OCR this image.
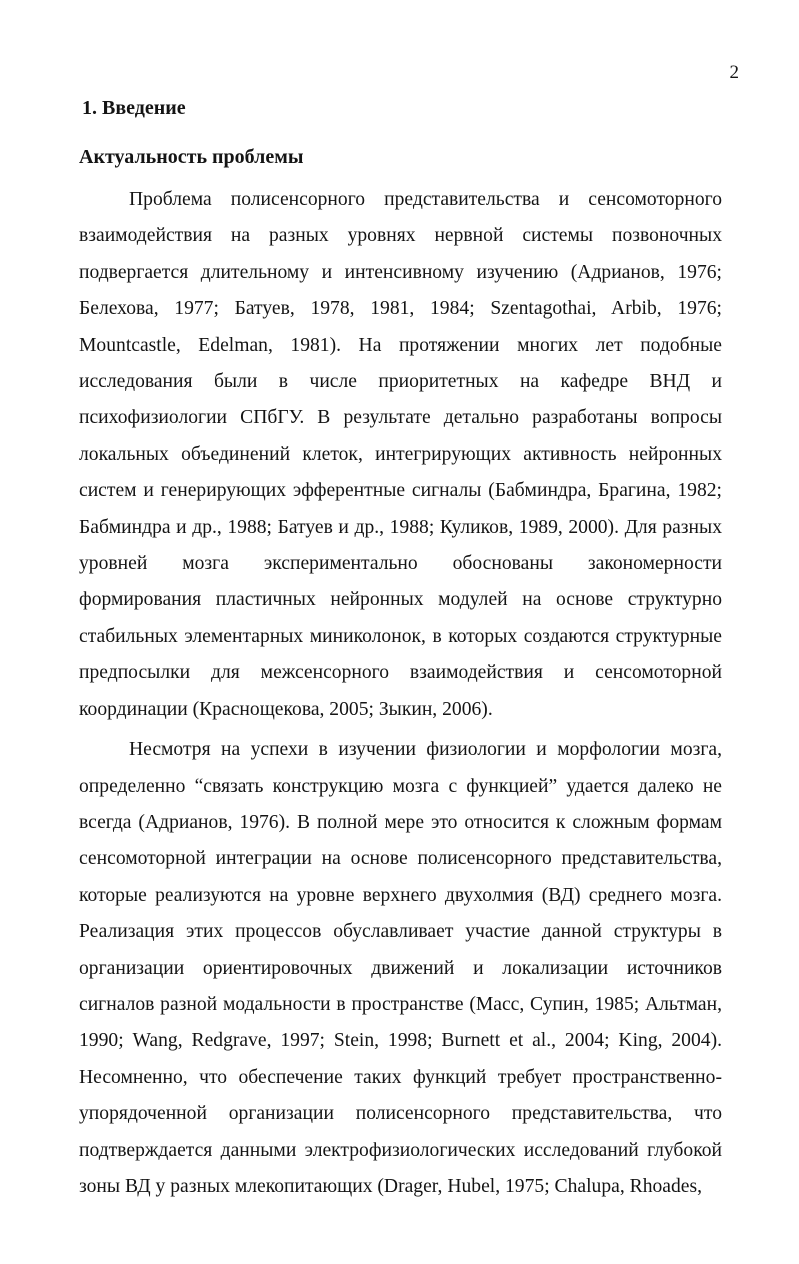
2
1. Введение
Актуальность проблемы

Проблема полисенсорного представительства и сенсомоторного взаимодействия на разных уровнях нервной системы позвоночных подвергается длительному и интенсивному изучению (Адрианов, 1976; Белехова, 1977; Батуев, 1978, 1981, 1984; Szentagothai, Arbib, 1976; Mountcastle, Edelman, 1981). На протяжении многих лет подобные исследования были в числе приоритетных на кафедре ВНД и психофизиологии СПбГУ. В результате детально разработаны вопросы локальных объединений клеток, интегрирующих активность нейронных систем и генерирующих эфферентные сигналы (Бабминдра, Брагина, 1982; Бабминдра и др., 1988; Батуев и др., 1988; Куликов, 1989, 2000). Для разных уровней мозга экспериментально обоснованы закономерности формирования пластичных нейронных модулей на основе структурно стабильных элементарных миниколонок, в которых создаются структурные предпосылки для межсенсорного взаимодействия и сенсомоторной координации (Краснощекова, 2005; Зыкин, 2006).

Несмотря на успехи в изучении физиологии и морфологии мозга, определенно “связать конструкцию мозга с функцией” удается далеко не всегда (Адрианов, 1976). В полной мере это относится к сложным формам сенсомоторной интеграции на основе полисенсорного представительства, которые реализуются на уровне верхнего двухолмия (ВД) среднего мозга. Реализация этих процессов обуславливает участие данной структуры в организации ориентировочных движений и локализации источников сигналов разной модальности в пространстве (Масс, Супин, 1985; Альтман, 1990; Wang, Redgrave, 1997; Stein, 1998; Burnett et al., 2004; King, 2004). Несомненно, что обеспечение таких функций требует пространственно-упорядоченной организации полисенсорного представительства, что подтверждается данными электрофизиологических исследований глубокой зоны ВД у разных млекопитающих (Drager, Hubel, 1975; Chalupa, Rhoades,
